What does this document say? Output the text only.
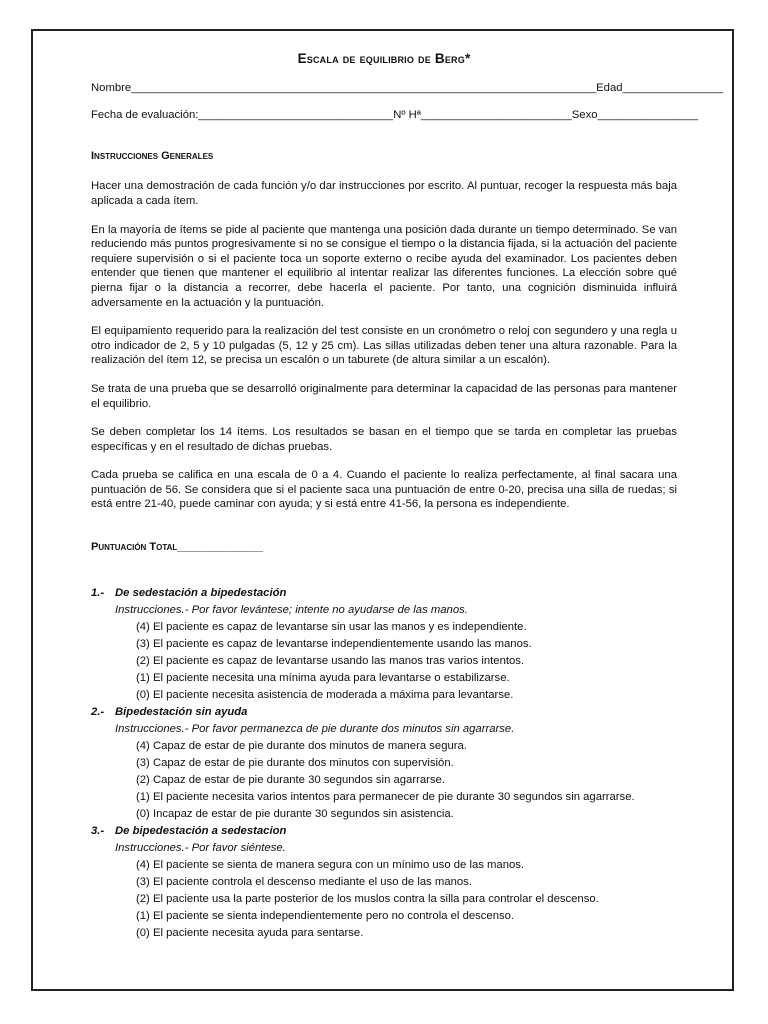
Escala de equilibrio de Berg*
Nombre __________________________________________________________________________ Edad ________________
Fecha de evaluación: _______________________________ Nº Hª ________________________ Sexo ________________
Instrucciones Generales

Hacer una demostración de cada función y/o dar instrucciones por escrito. Al puntuar, recoger la respuesta más baja aplicada a cada ítem.

En la mayoría de ítems se pide al paciente que mantenga una posición dada durante un tiempo determinado. Se van reduciendo más puntos progresivamente si no se consigue el tiempo o la distancia fijada, si la actuación del paciente requiere supervisión o si el paciente toca un soporte externo o recibe ayuda del examinador. Los pacientes deben entender que tienen que mantener el equilibrio al intentar realizar las diferentes funciones. La elección sobre qué pierna fijar o la distancia a recorrer, debe hacerla el paciente. Por tanto, una cognición disminuida influirá adversamente en la actuación y la puntuación.

El equipamiento requerido para la realización del test consiste en un cronómetro o reloj con segundero y una regla u otro indicador de 2, 5 y 10 pulgadas (5, 12 y 25 cm). Las sillas utilizadas deben tener una altura razonable. Para la realización del ítem 12, se precisa un escalón o un taburete (de altura similar a un escalón).

Se trata de una prueba que se desarrolló originalmente para determinar la capacidad de las personas para mantener el equilibrio.

Se deben completar los 14 ítems. Los resultados se basan en el tiempo que se tarda en completar las pruebas específicas y en el resultado de dichas pruebas.

Cada prueba se califica en una escala de 0 a 4. Cuando el paciente lo realiza perfectamente, al final sacara una puntuación de 56. Se considera que si el paciente saca una puntuación de entre 0-20, precisa una silla de ruedas; si está entre 21-40, puede caminar con ayuda; y si está entre 41-56, la persona es independiente.

Puntuación Total______________
1.- De sedestación a bipedestación
Instrucciones.- Por favor levántese; intente no ayudarse de las manos.
(4) El paciente es capaz de levantarse sin usar las manos y es independiente.
(3) El paciente es capaz de levantarse independientemente usando las manos.
(2) El paciente es capaz de levantarse usando las manos tras varios intentos.
(1) El paciente necesita una mínima ayuda para levantarse o estabilizarse.
(0) El paciente necesita asistencia de moderada a máxima para levantarse.
2.- Bipedestación sin ayuda
Instrucciones.- Por favor permanezca de pie durante dos minutos sin agarrarse.
(4) Capaz de estar de pie durante dos minutos de manera segura.
(3) Capaz de estar de pie durante dos minutos con supervisión.
(2) Capaz de estar de pie durante 30 segundos sin agarrarse.
(1) El paciente necesita varios intentos para permanecer de pie durante 30 segundos sin agarrarse.
(0) Incapaz de estar de pie durante 30 segundos sin asistencia.
3.- De bipedestación a sedestacion
Instrucciones.- Por favor siéntese.
(4) El paciente se sienta de manera segura con un mínimo uso de las manos.
(3) El paciente controla el descenso mediante el uso de las manos.
(2) El paciente usa la parte posterior de los muslos contra la silla para controlar el descenso.
(1) El paciente se sienta independientemente pero no controla el descenso.
(0) El paciente necesita ayuda para sentarse.
